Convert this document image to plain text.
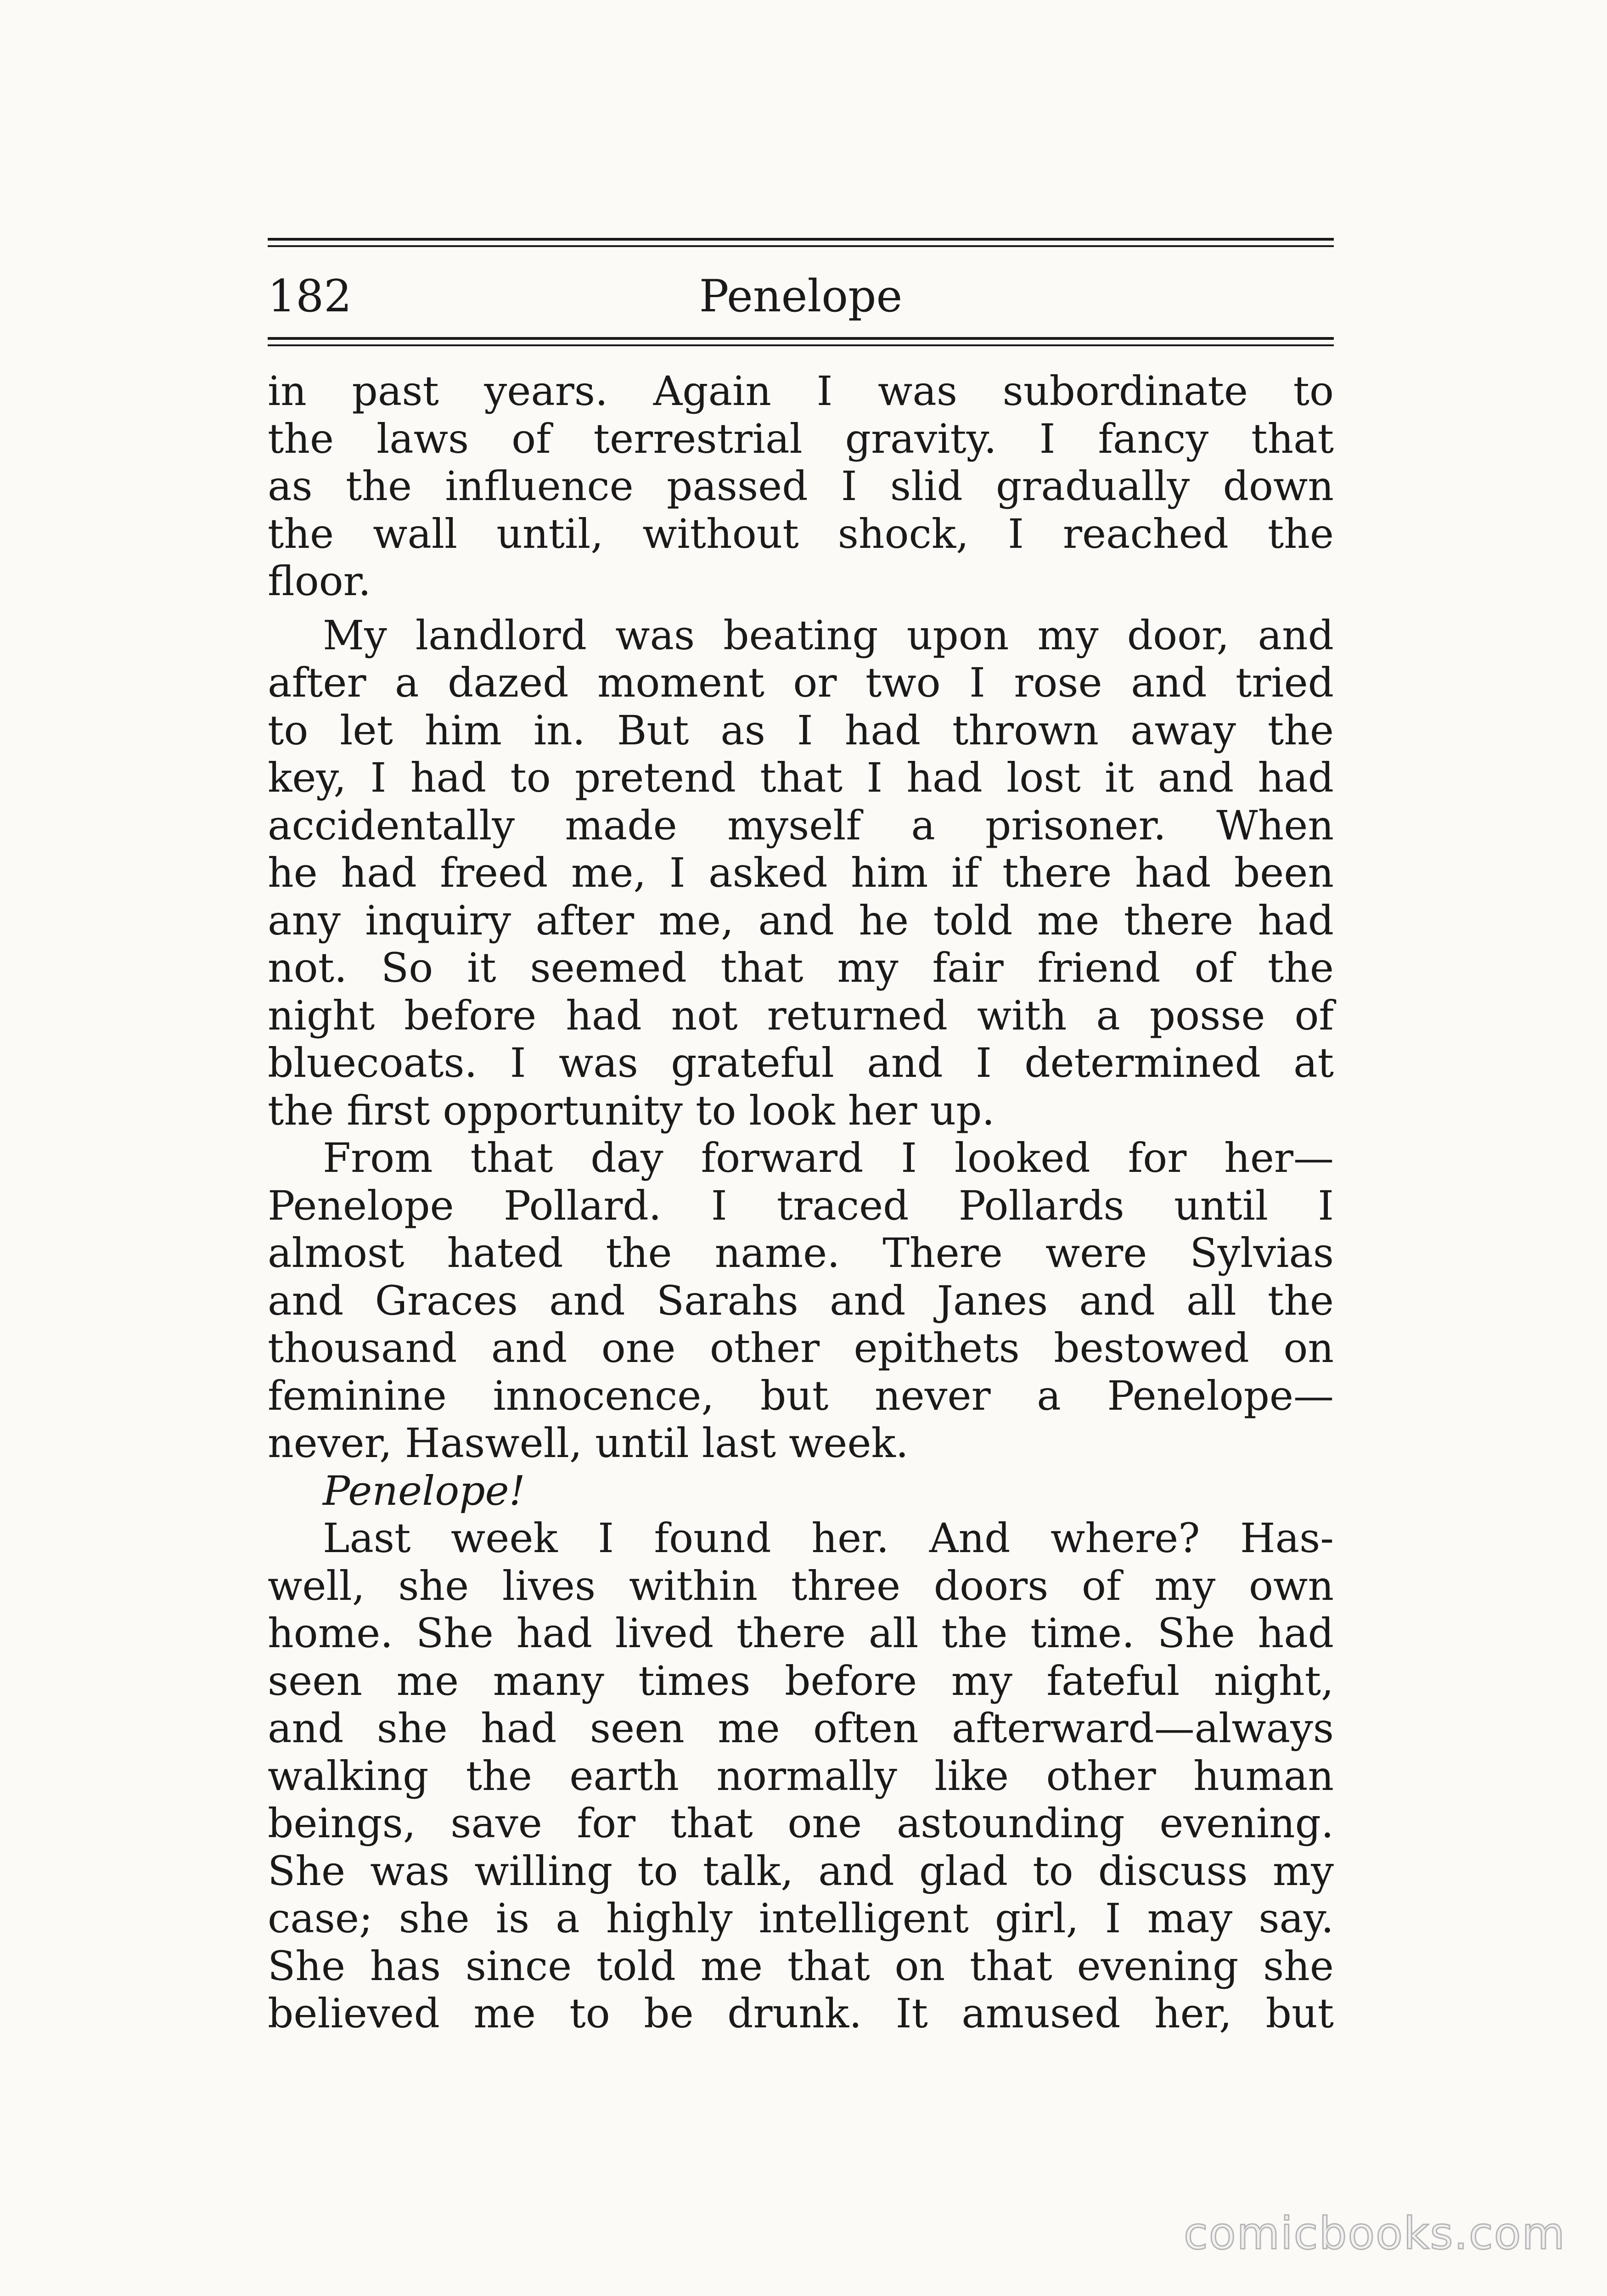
182	Penelope

in past years. Again I was subordinate to
the laws of terrestrial gravity. I fancy that
as the influence passed I slid gradually down
the wall until, without shock, I reached the
floor.

My landlord was beating upon my door, and
after a dazed moment or two I rose and tried
to let him in. But as I had thrown away the
key, I had to pretend that I had lost it and had
accidentally made myself a prisoner. When
he had freed me, I asked him if there had been
any inquiry after me, and he told me there had
not. So it seemed that my fair friend of the
night before had not returned with a posse of
bluecoats. I was grateful and I determined at
the first opportunity to look her up.

From that day forward I looked for her—
Penelope Pollard. I traced Pollards until I
almost hated the name. There were Sylvias
and Graces and Sarahs and Janes and all the
thousand and one other epithets bestowed on
feminine innocence, but never a Penelope—
never, Haswell, until last week.

Penelope!

Last week I found her. And where? Has-
well, she lives within three doors of my own
home. She had lived there all the time. She had
seen me many times before my fateful night,
and she had seen me often afterward—always
walking the earth normally like other human
beings, save for that one astounding evening.
She was willing to talk, and glad to discuss my
case; she is a highly intelligent girl, I may say.
She has since told me that on that evening she
believed me to be drunk. It amused her, but

comicbooks.com
